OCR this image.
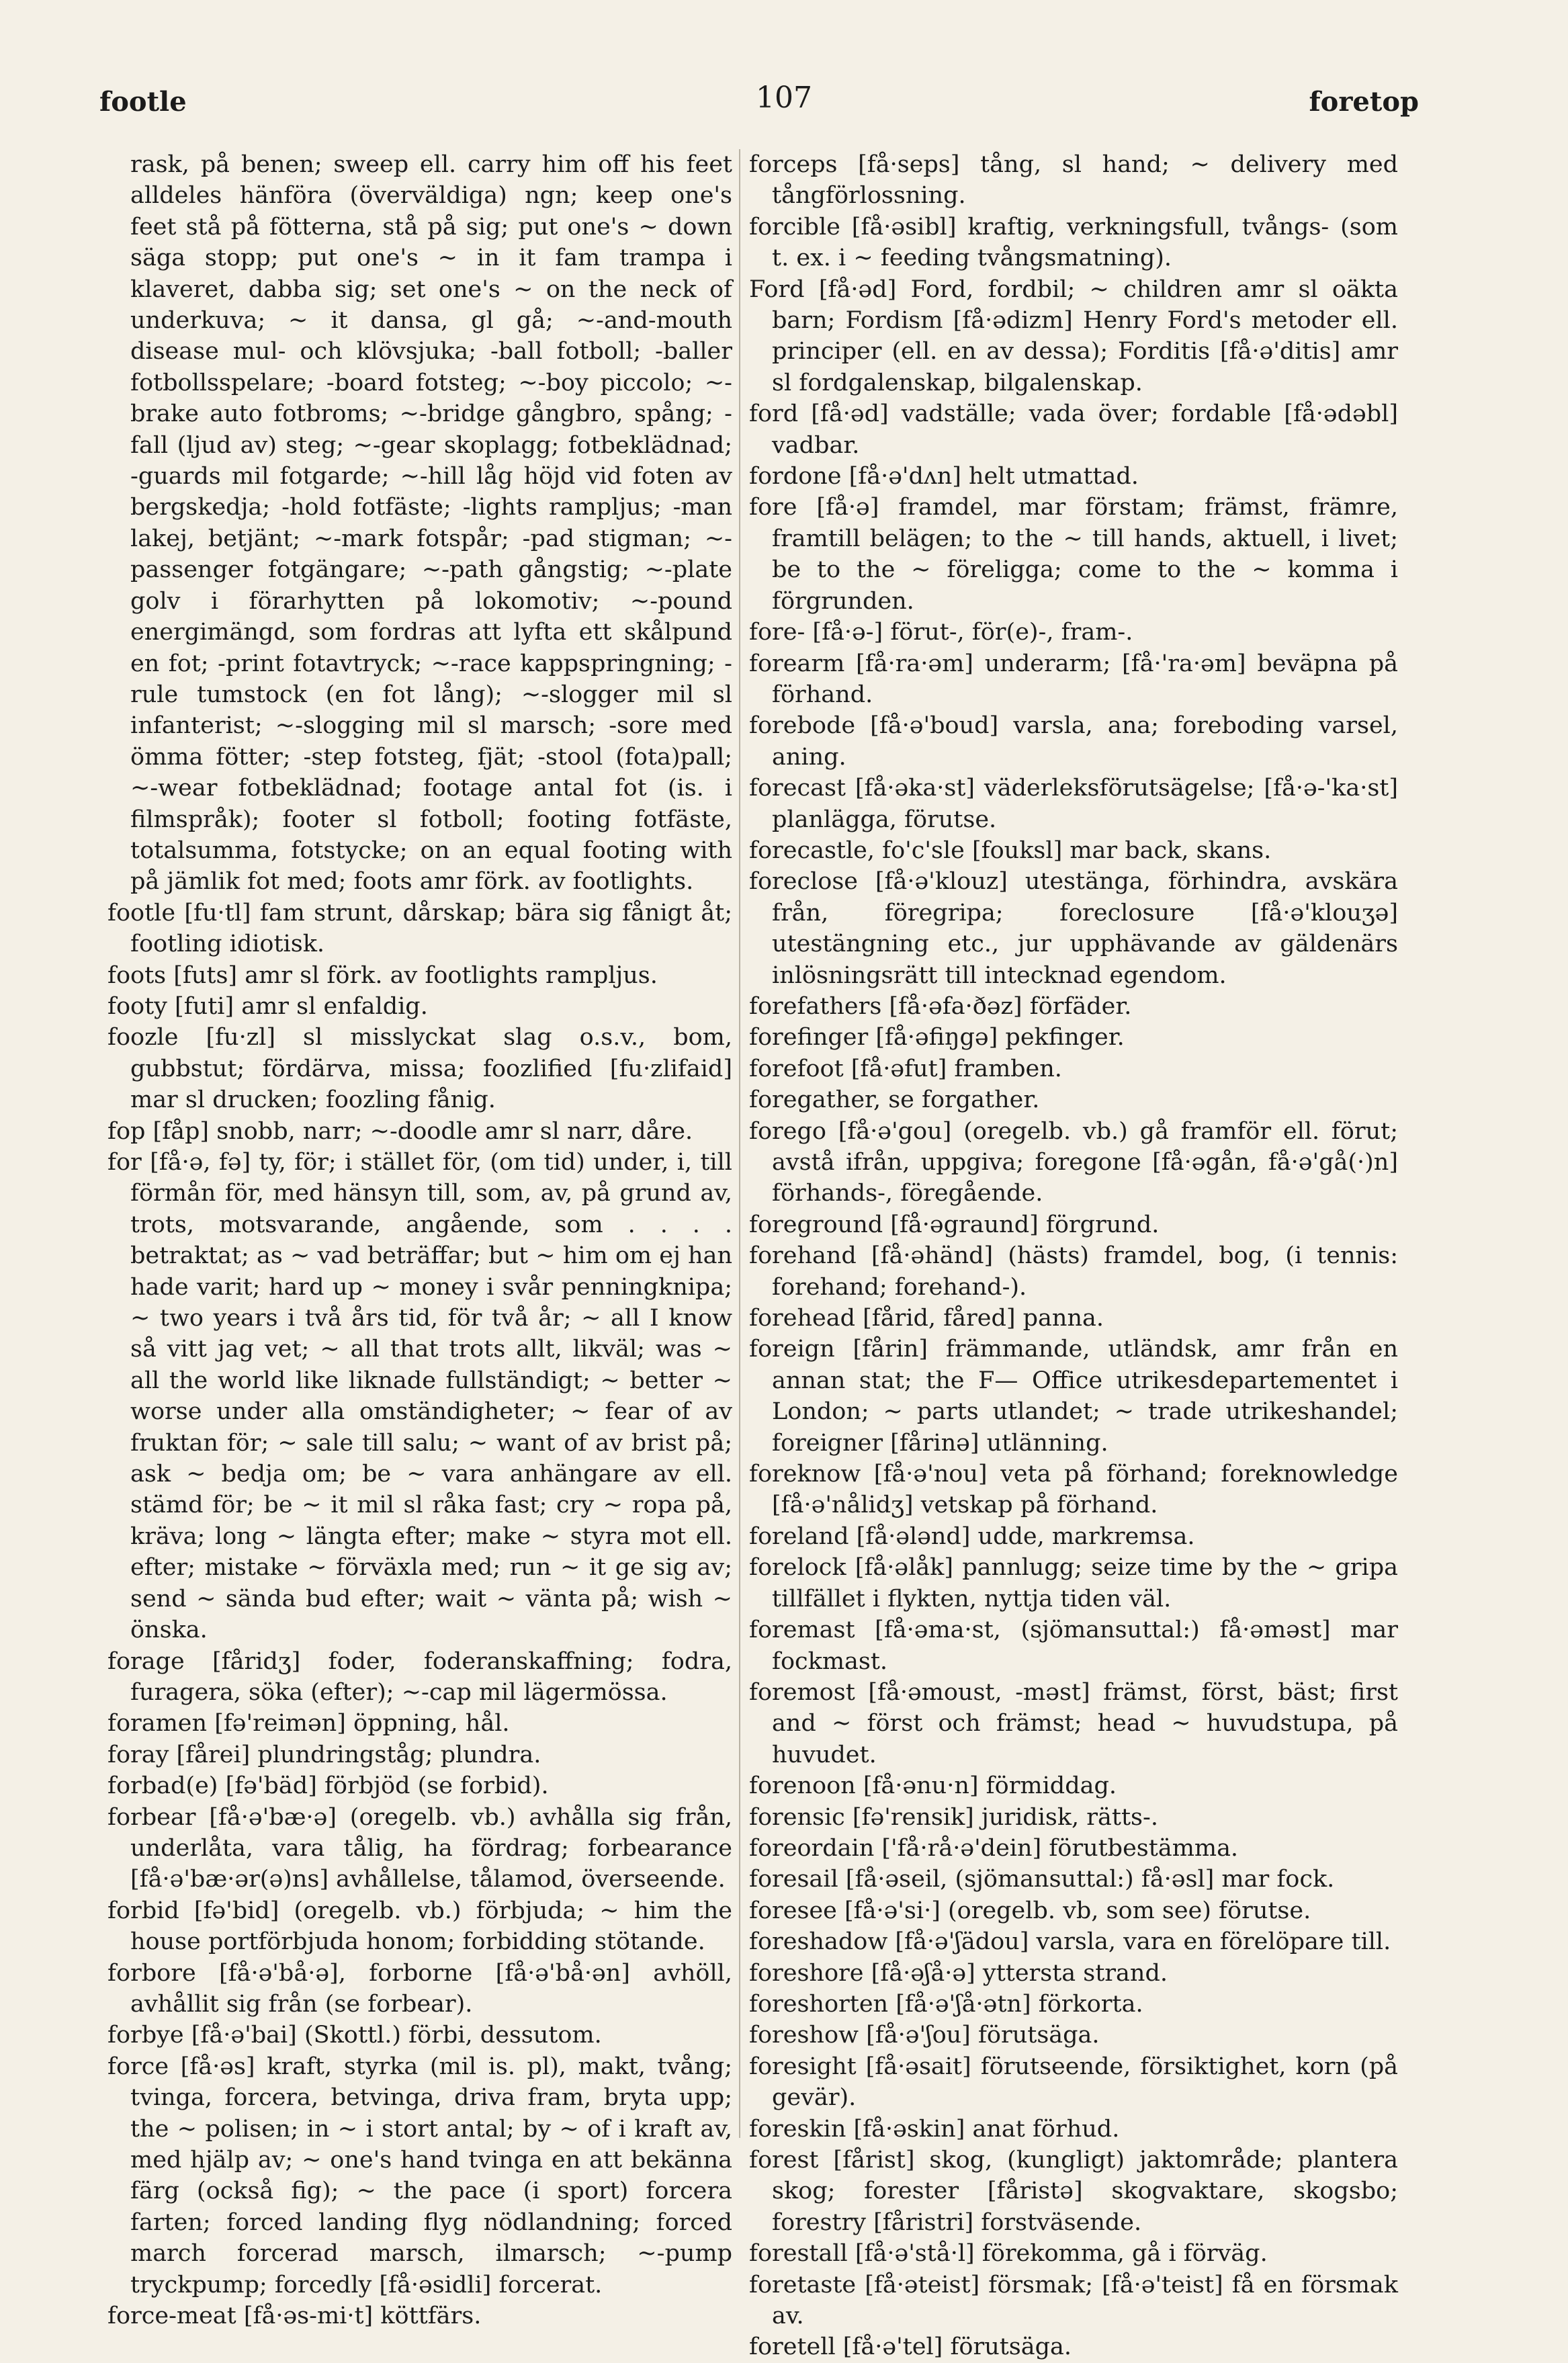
footle	107	foretop

rask, på benen; sweep ell. carry him off his feet alldeles hänföra (överväldiga) ngn; keep one's feet stå på fötterna, stå på sig; put one's ~ down säga stopp; put one's ~ in it fam trampa i klaveret, dabba sig; set one's ~ on the neck of underkuva; ~ it dansa, gl gå; ~-and-mouth disease mul- och klövsjuka; -ball fotboll; -baller fotbollsspelare; -board fotsteg; ~-boy piccolo; ~-brake auto fotbroms; ~-bridge gångbro, spång; -fall (ljud av) steg; ~-gear skoplagg; fotbeklädnad; -guards mil fotgarde; ~-hill låg höjd vid foten av bergskedja; -hold fotfäste; -lights rampljus; -man lakej, betjänt; ~-mark fotspår; -pad stigman; ~-passenger fotgängare; ~-path gångstig; ~-plate golv i förarhytten på lokomotiv; ~-pound energimängd, som fordras att lyfta ett skålpund en fot; -print fotavtryck; ~-race kappspringning; -rule tumstock (en fot lång); ~-slogger mil sl infanterist; ~-slogging mil sl marsch; -sore med ömma fötter; -step fotsteg, fjät; -stool (fota)pall; ~-wear fotbeklädnad; footage antal fot (is. i filmspråk); footer sl fotboll; footing fotfäste, totalsumma, fotstycke; on an equal footing with på jämlik fot med; foots amr förk. av footlights.

footle [fu·tl] fam strunt, dårskap; bära sig fånigt åt; footling idiotisk.

foots [futs] amr sl förk. av footlights rampljus.

footy [futi] amr sl enfaldig.

foozle [fu·zl] sl misslyckat slag o.s.v., bom, gubbstut; fördärva, missa; foozlified [fu·zlifaid] mar sl drucken; foozling fånig.

fop [fåp] snobb, narr; ~-doodle amr sl narr, dåre.

for [få·ə, fə] ty, för; i stället för, (om tid) under, i, till förmån för, med hänsyn till, som, av, på grund av, trots, motsvarande, angående, som . . . . betraktat; as ~ vad beträffar; but ~ him om ej han hade varit; hard up ~ money i svår penningknipa; ~ two years i två års tid, för två år; ~ all I know så vitt jag vet; ~ all that trots allt, likväl; was ~ all the world like liknade fullständigt; ~ better ~ worse under alla omständigheter; ~ fear of av fruktan för; ~ sale till salu; ~ want of av brist på; ask ~ bedja om; be ~ vara anhängare av ell. stämd för; be ~ it mil sl råka fast; cry ~ ropa på, kräva; long ~ längta efter; make ~ styra mot ell. efter; mistake ~ förväxla med; run ~ it ge sig av; send ~ sända bud efter; wait ~ vänta på; wish ~ önska.

forage [fåridʒ] foder, foderanskaffning; fodra, furagera, söka (efter); ~-cap mil lägermössa.

foramen [fə'reimən] öppning, hål.

foray [fårei] plundringståg; plundra.

forbad(e) [fə'bäd] förbjöd (se forbid).

forbear [få·ə'bæ·ə] (oregelb. vb.) avhålla sig från, underlåta, vara tålig, ha fördrag; forbearance [få·ə'bæ·ər(ə)ns] avhållelse, tålamod, överseende.

forbid [fə'bid] (oregelb. vb.) förbjuda; ~ him the house portförbjuda honom; forbidding stötande.

forbore [få·ə'bå·ə], forborne [få·ə'bå·ən] avhöll, avhållit sig från (se forbear).

forbye [få·ə'bai] (Skottl.) förbi, dessutom.

force [få·əs] kraft, styrka (mil is. pl), makt, tvång; tvinga, forcera, betvinga, driva fram, bryta upp; the ~ polisen; in ~ i stort antal; by ~ of i kraft av, med hjälp av; ~ one's hand tvinga en att bekänna färg (också fig); ~ the pace (i sport) forcera farten; forced landing flyg nödlandning; forced march forcerad marsch, ilmarsch; ~-pump tryckpump; forcedly [få·əsidli] forcerat.

force-meat [få·əs-mi·t] köttfärs.

forceps [få·seps] tång, sl hand; ~ delivery med tångförlossning.

forcible [få·əsibl] kraftig, verkningsfull, tvångs- (som t. ex. i ~ feeding tvångsmatning).

Ford [få·əd] Ford, fordbil; ~ children amr sl oäkta barn; Fordism [få·ədizm] Henry Ford's metoder ell. principer (ell. en av dessa); Forditis [få·ə'ditis] amr sl fordgalenskap, bilgalenskap.

ford [få·əd] vadställe; vada över; fordable [få·ədəbl] vadbar.

fordone [få·ə'dʌn] helt utmattad.

fore [få·ə] framdel, mar förstam; främst, främre, framtill belägen; to the ~ till hands, aktuell, i livet; be to the ~ föreligga; come to the ~ komma i förgrunden.

fore- [få·ə-] förut-, för(e)-, fram-.

forearm [få·ra·əm] underarm; [få·'ra·əm] beväpna på förhand.

forebode [få·ə'boud] varsla, ana; foreboding varsel, aning.

forecast [få·əka·st] väderleksförutsägelse; [få·ə-'ka·st] planlägga, förutse.

forecastle, fo'c'sle [fouksl] mar back, skans.

foreclose [få·ə'klouz] utestänga, förhindra, avskära från, föregripa; foreclosure [få·ə'klouʒə] utestängning etc., jur upphävande av gäldenärs inlösningsrätt till intecknad egendom.

forefathers [få·əfa·ðəz] förfäder.

forefinger [få·əfiŋgə] pekfinger.

forefoot [få·əfut] framben.

foregather, se forgather.

forego [få·ə'gou] (oregelb. vb.) gå framför ell. förut; avstå ifrån, uppgiva; foregone [få·əgån, få·ə'gå(·)n] förhands-, föregående.

foreground [få·əgraund] förgrund.

forehand [få·əhänd] (hästs) framdel, bog, (i tennis: forehand; forehand-).

forehead [fårid, fåred] panna.

foreign [fårin] främmande, utländsk, amr från en annan stat; the F— Office utrikesdepartementet i London; ~ parts utlandet; ~ trade utrikeshandel; foreigner [fårinə] utlänning.

foreknow [få·ə'nou] veta på förhand; foreknowledge [få·ə'nålidʒ] vetskap på förhand.

foreland [få·ələnd] udde, markremsa.

forelock [få·əlåk] pannlugg; seize time by the ~ gripa tillfället i flykten, nyttja tiden väl.

foremast [få·əma·st, (sjömansuttal:) få·əməst] mar fockmast.

foremost [få·əmoust, -məst] främst, först, bäst; first and ~ först och främst; head ~ huvudstupa, på huvudet.

forenoon [få·ənu·n] förmiddag.

forensic [fə'rensik] juridisk, rätts-.

foreordain ['få·rå·ə'dein] förutbestämma.

foresail [få·əseil, (sjömansuttal:) få·əsl] mar fock.

foresee [få·ə'si·] (oregelb. vb, som see) förutse.

foreshadow [få·ə'ʃädou] varsla, vara en förelöpare till.

foreshore [få·əʃå·ə] yttersta strand.

foreshorten [få·ə'ʃå·ətn] förkorta.

foreshow [få·ə'ʃou] förutsäga.

foresight [få·əsait] förutseende, försiktighet, korn (på gevär).

foreskin [få·əskin] anat förhud.

forest [fårist] skog, (kungligt) jaktområde; plantera skog; forester [fåristə] skogvaktare, skogsbo; forestry [fåristri] forstväsende.

forestall [få·ə'stå·l] förekomma, gå i förväg.

foretaste [få·əteist] försmak; [få·ə'teist] få en försmak av.

foretell [få·ə'tel] förutsäga.
